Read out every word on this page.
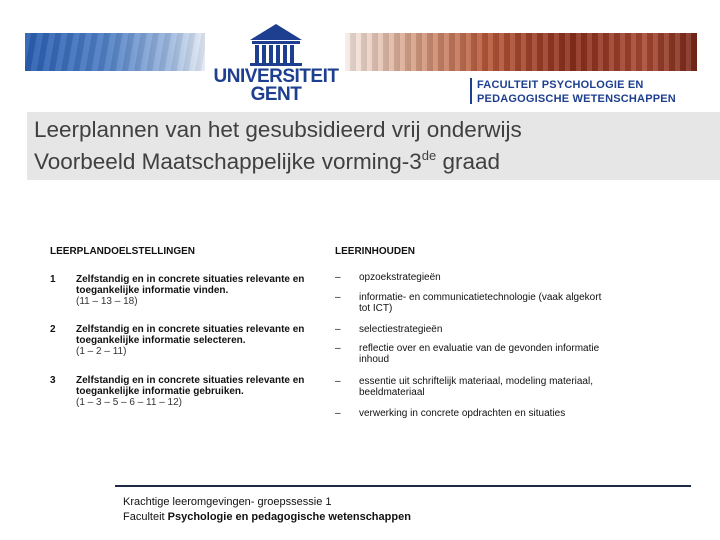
UNIVERSITEIT
GENT	FACULTEIT PSYCHOLOGIE EN
PEDAGOGISCHE WETENSCHAPPEN
Leerplannen van het gesubsidieerd vrij onderwijs
Voorbeeld Maatschappelijke vorming-3de graad
LEERPLANDOELSTELLINGEN	LEERINHOUDEN
1 Zelfstandig en in concrete situaties relevante en toegankelijke informatie vinden.
(11 – 13 – 18)
2 Zelfstandig en in concrete situaties relevante en toegankelijke informatie selecteren.
(1 – 2 – 11)
3 Zelfstandig en in concrete situaties relevante en toegankelijke informatie gebruiken.
(1 – 3 – 5 – 6 – 11 – 12)
– opzoekstrategieën
– informatie- en communicatietechnologie (vaak algekort tot ICT)
– selectiestrategieën
– reflectie over en evaluatie van de gevonden informatie inhoud
– essentie uit schriftelijk materiaal, modeling materiaal, beeldmateriaal
– verwerking in concrete opdrachten en situaties
Krachtige leeromgevingen- groepssessie 1
Faculteit Psychologie en pedagogische wetenschappen
